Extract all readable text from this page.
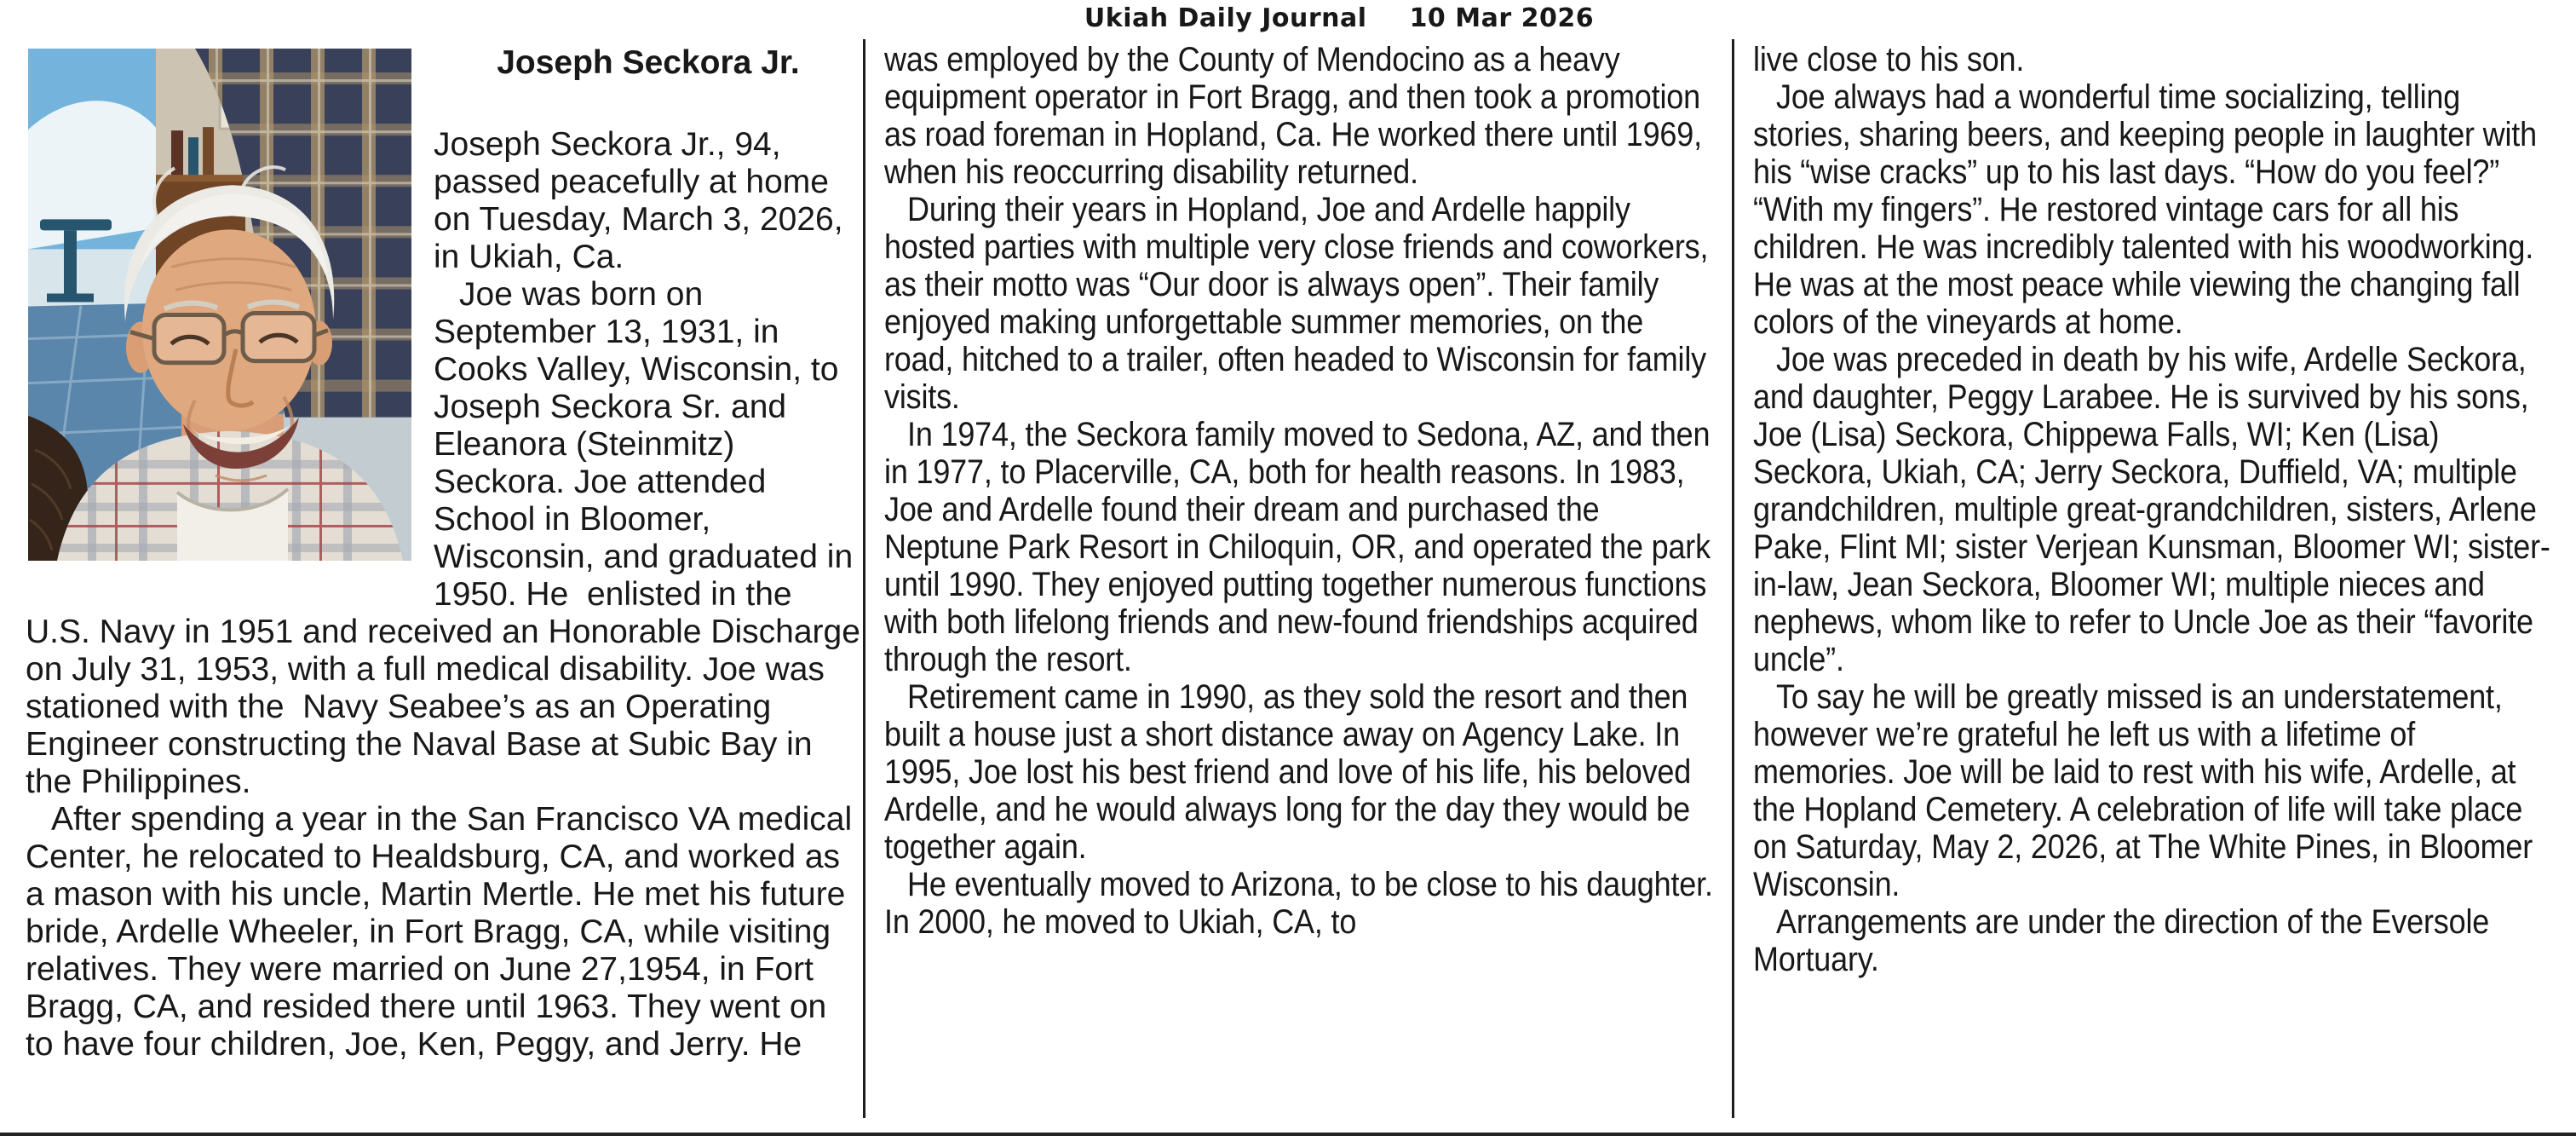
Ukiah Daily Journal 10 Mar 2026
Joseph Seckora Jr.

Joseph Seckora Jr., 94, passed peacefully at home on Tuesday, March 3, 2026, in Ukiah, Ca.

Joe was born on September 13, 1931, in Cooks Valley, Wisconsin, to Joseph Seckora Sr. and Eleanora (Steinmitz) Seckora. Joe attended School in Bloomer, Wisconsin, and graduated in 1950. He  enlisted in the U.S. Navy in 1951 and received an Honorable Discharge on July 31, 1953, with a full medical disability. Joe was stationed with the  Navy Seabee’s as an Operating Engineer constructing the Naval Base at Subic Bay in the Philippines.

After spending a year in the San Francisco VA medical Center, he relocated to Healdsburg, CA, and worked as a mason with his uncle, Martin Mertle. He met his future bride, Ardelle Wheeler, in Fort Bragg, CA, while visiting relatives. They were married on June 27,1954, in Fort Bragg, CA, and resided there until 1963. They went on to have four children, Joe, Ken, Peggy, and Jerry. He

was employed by the County of Mendocino as a heavy equipment operator in Fort Bragg, and then took a promotion as road foreman in Hopland, Ca. He worked there until 1969, when his reoccurring disability returned.

During their years in Hopland, Joe and Ardelle happily hosted parties with multiple very close friends and coworkers, as their motto was “Our door is always open”. Their family enjoyed making unforgettable summer memories, on the road, hitched to a trailer, often headed to Wisconsin for family visits.

In 1974, the Seckora family moved to Sedona, AZ, and then in 1977, to Placerville, CA, both for health reasons. In 1983, Joe and Ardelle found their dream and purchased the Neptune Park Resort in Chiloquin, OR, and operated the park until 1990. They enjoyed putting together numerous functions with both lifelong friends and new-found friendships acquired through the resort.

Retirement came in 1990, as they sold the resort and then built a house just a short distance away on Agency Lake. In 1995, Joe lost his best friend and love of his life, his beloved Ardelle, and he would always long for the day they would be together again.

He eventually moved to Arizona, to be close to his daughter. In 2000, he moved to Ukiah, CA, to

live close to his son.

Joe always had a wonderful time socializing, telling stories, sharing beers, and keeping people in laughter with his “wise cracks” up to his last days. “How do you feel?” “With my fingers”. He restored vintage cars for all his children. He was incredibly talented with his woodworking. He was at the most peace while viewing the changing fall colors of the vineyards at home.

Joe was preceded in death by his wife, Ardelle Seckora, and daughter, Peggy Larabee. He is survived by his sons, Joe (Lisa) Seckora, Chippewa Falls, WI; Ken (Lisa) Seckora, Ukiah, CA; Jerry Seckora, Duffield, VA; multiple grandchildren, multiple great-grandchildren, sisters, Arlene Pake, Flint MI; sister Verjean Kunsman, Bloomer WI; sister-in-law, Jean Seckora, Bloomer WI; multiple nieces and nephews, whom like to refer to Uncle Joe as their “favorite uncle”.

To say he will be greatly missed is an understatement, however we’re grateful he left us with a lifetime of memories. Joe will be laid to rest with his wife, Ardelle, at the Hopland Cemetery. A celebration of life will take place on Saturday, May 2, 2026, at The White Pines, in Bloomer Wisconsin.

Arrangements are under the direction of the Eversole Mortuary.
